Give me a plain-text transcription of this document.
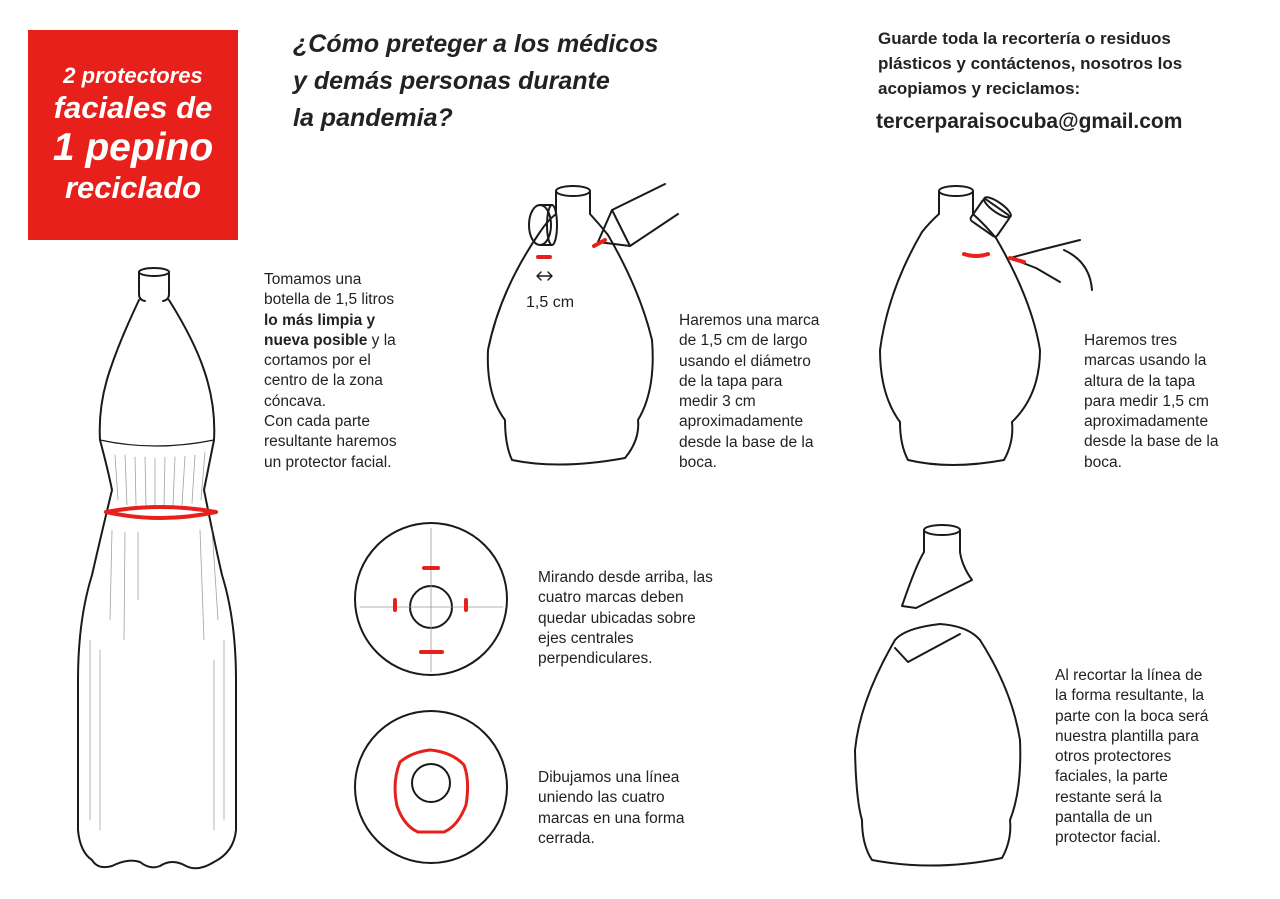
2 protectores
faciales de
1 pepino
reciclado
¿Cómo preteger a los médicos
y demás personas durante
la pandemia?
Guarde toda la recortería o residuos
plásticos y contáctenos, nosotros los
acopiamos y reciclamos:
tercerparaisocuba@gmail.com
1,5 cm
Tomamos una
botella de 1,5 litros
lo más limpia y
nueva posible y la
cortamos por el
centro de la zona
cóncava.
Con cada parte
resultante haremos
un protector facial.
Haremos una marca
de 1,5 cm de largo
usando el diámetro
de la tapa para
medir 3 cm
aproximadamente
desde la base de la
boca.
Haremos tres
marcas usando la
altura de la tapa
para medir 1,5 cm
aproximadamente
desde la base de la
boca.
Mirando desde arriba, las
cuatro marcas deben
quedar ubicadas sobre
ejes centrales
perpendiculares.
Dibujamos una línea
uniendo las cuatro
marcas en una forma
cerrada.
Al recortar la línea de
la forma resultante, la
parte con la boca será
nuestra plantilla para
otros protectores
faciales, la parte
restante será la
pantalla de un
protector facial.
